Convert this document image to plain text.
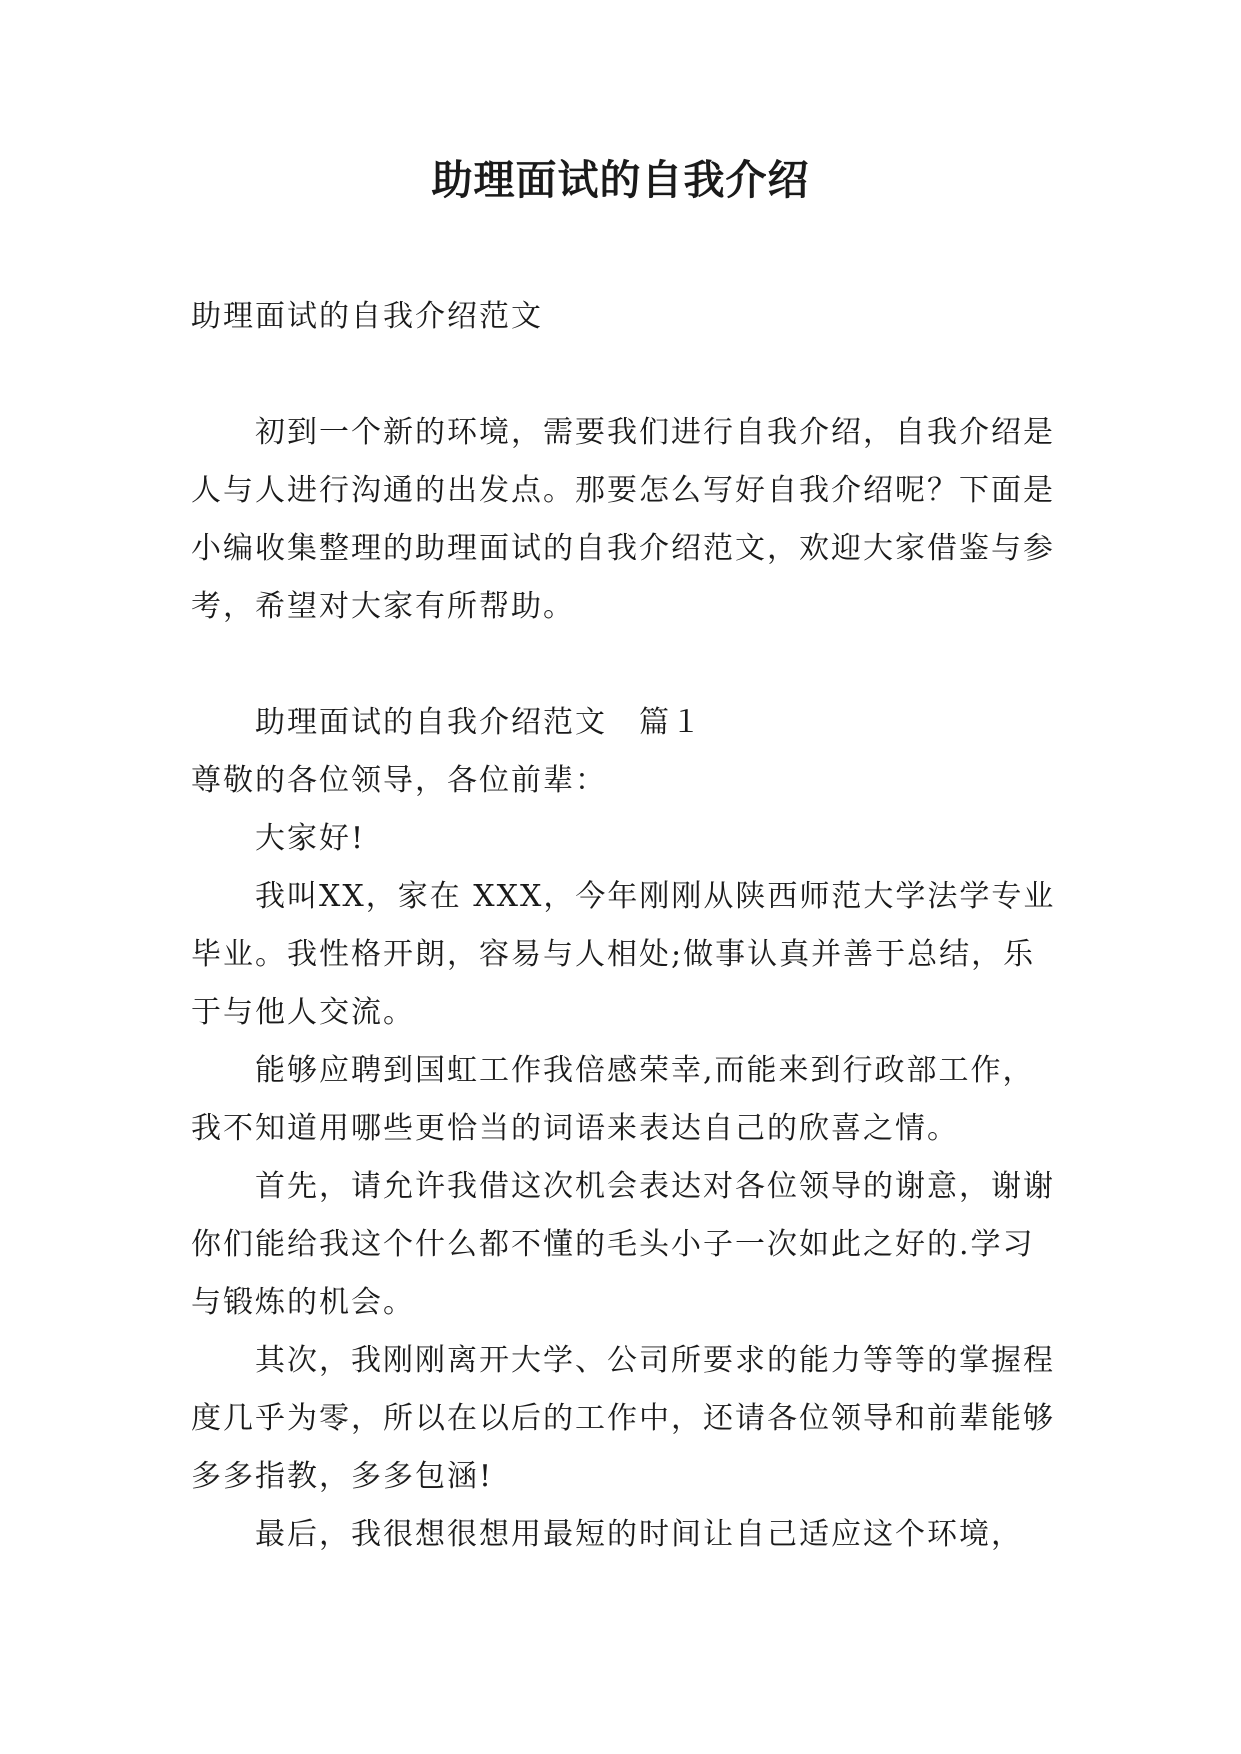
助理面试的自我介绍

助理面试的自我介绍范文

初到一个新的环境，需要我们进行自我介绍，自我介绍是人与人进行沟通的出发点。那要怎么写好自我介绍呢？下面是小编收集整理的助理面试的自我介绍范文，欢迎大家借鉴与参考，希望对大家有所帮助。

助理面试的自我介绍范文　篇１

尊敬的各位领导，各位前辈：

大家好!

我叫XX，家在 XXX，今年刚刚从陕西师范大学法学专业毕业。我性格开朗，容易与人相处;做事认真并善于总结，乐于与他人交流。

能够应聘到国虹工作我倍感荣幸,而能来到行政部工作，我不知道用哪些更恰当的词语来表达自己的欣喜之情。

首先，请允许我借这次机会表达对各位领导的谢意，谢谢你们能给我这个什么都不懂的毛头小子一次如此之好的.学习与锻炼的机会。

其次，我刚刚离开大学、公司所要求的能力等等的掌握程度几乎为零，所以在以后的工作中，还请各位领导和前辈能够多多指教，多多包涵!

最后，我很想很想用最短的时间让自己适应这个环境，
